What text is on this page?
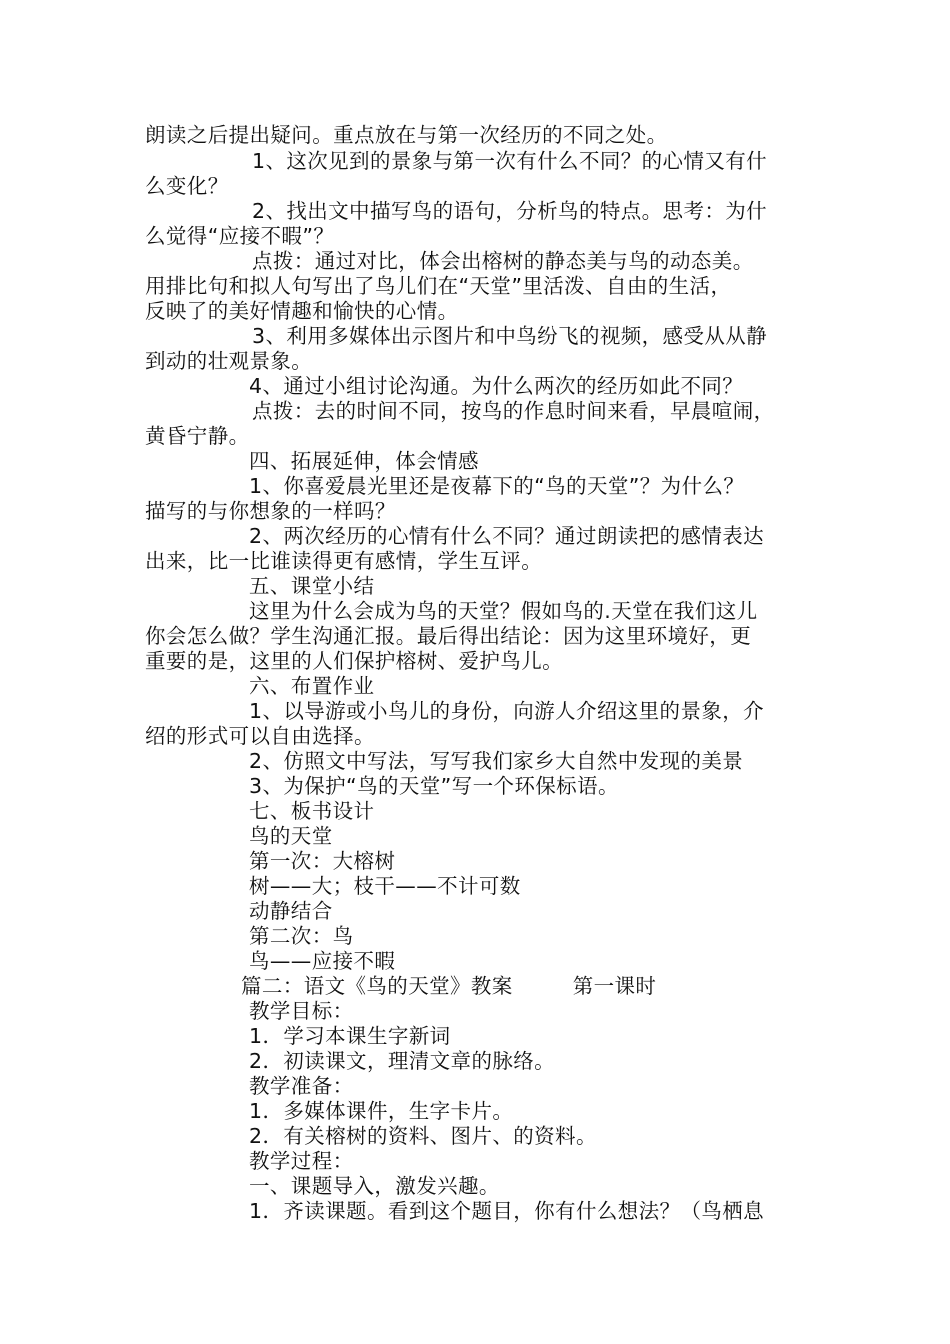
朗读之后提出疑问。重点放在与第一次经历的不同之处。
1、这次见到的景象与第一次有什么不同？的心情又有什
么变化？
2、找出文中描写鸟的语句，分析鸟的特点。思考：为什
么觉得“应接不暇”？
点拨：通过对比，体会出榕树的静态美与鸟的动态美。
用排比句和拟人句写出了鸟儿们在“天堂”里活泼、自由的生活，
反映了的美好情趣和愉快的心情。
3、利用多媒体出示图片和中鸟纷飞的视频，感受从从静
到动的壮观景象。
4、通过小组讨论沟通。为什么两次的经历如此不同？
点拨：去的时间不同，按鸟的作息时间来看，早晨喧闹，
黄昏宁静。
四、拓展延伸，体会情感
1、你喜爱晨光里还是夜幕下的“鸟的天堂”？为什么？
描写的与你想象的一样吗？
2、两次经历的心情有什么不同？通过朗读把的感情表达
出来，比一比谁读得更有感情，学生互评。
五、课堂小结
这里为什么会成为鸟的天堂？假如鸟的.天堂在我们这儿
你会怎么做？学生沟通汇报。最后得出结论：因为这里环境好，更
重要的是，这里的人们保护榕树、爱护鸟儿。
六、布置作业
1、以导游或小鸟儿的身份，向游人介绍这里的景象，介
绍的形式可以自由选择。
2、仿照文中写法，写写我们家乡大自然中发现的美景
3、为保护“鸟的天堂”写一个环保标语。
七、板书设计
鸟的天堂
第一次：大榕树
树——大；枝干——不计可数
动静结合
第二次：鸟
鸟——应接不暇
篇二：语文《鸟的天堂》教案	第一课时
教学目标：
1．学习本课生字新词
2．初读课文，理清文章的脉络。
教学准备：
1．多媒体课件，生字卡片。
2．有关榕树的资料、图片、的资料。
教学过程：
一、课题导入，激发兴趣。
1．齐读课题。看到这个题目，你有什么想法？（鸟栖息
